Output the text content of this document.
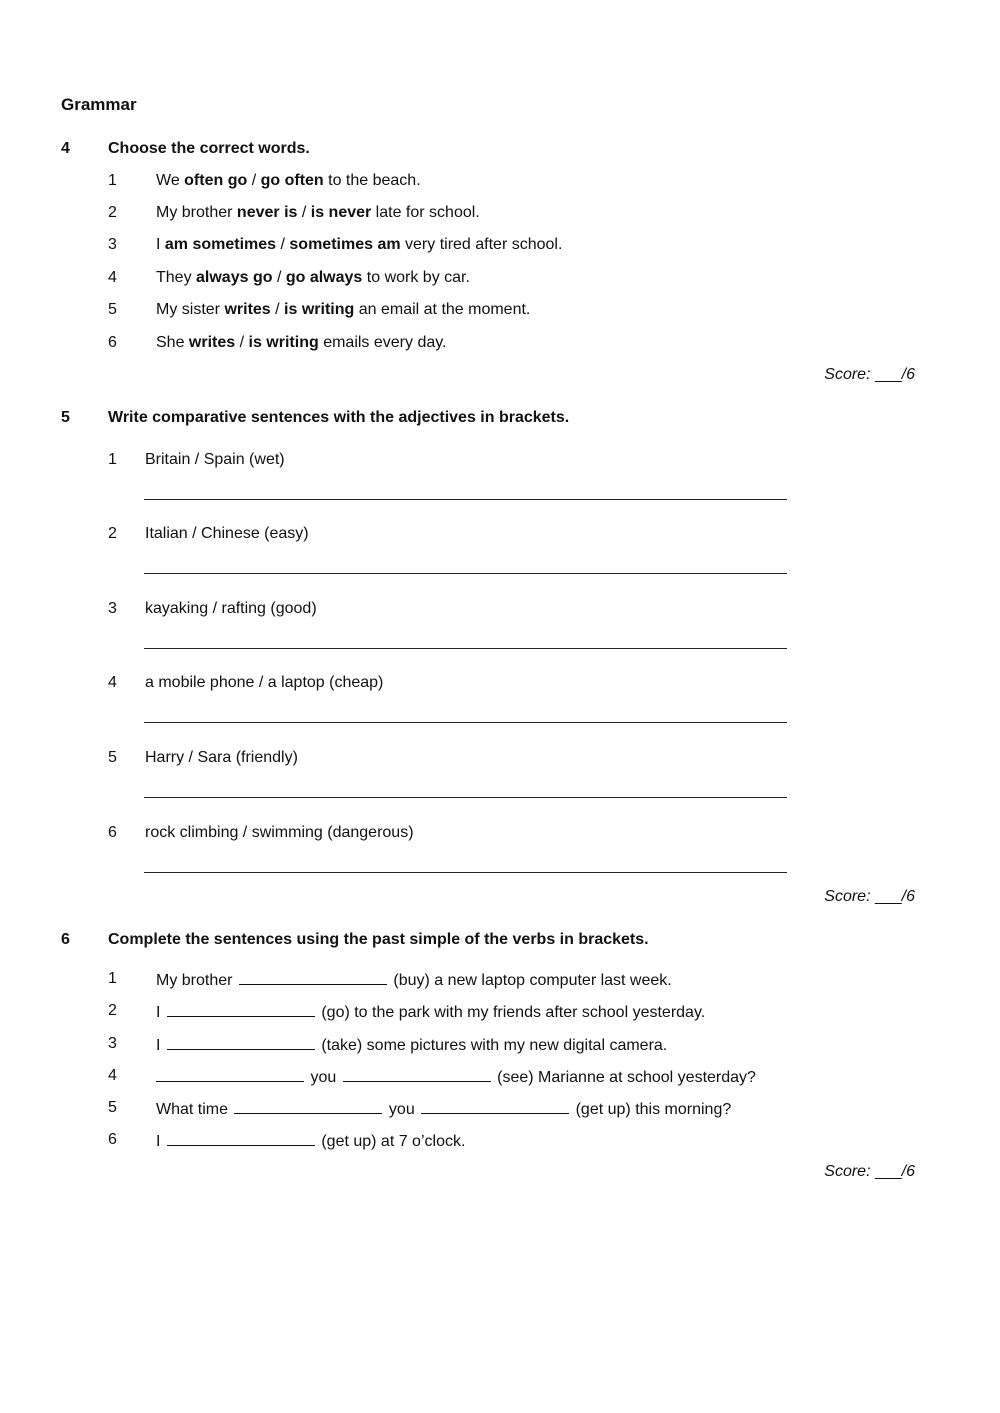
Grammar
4 Choose the correct words.
1 We often go / go often to the beach.
2 My brother never is / is never late for school.
3 I am sometimes / sometimes am very tired after school.
4 They always go / go always to work by car.
5 My sister writes / is writing an email at the moment.
6 She writes / is writing emails every day.
Score: ___/6
5 Write comparative sentences with the adjectives in brackets.
1 Britain / Spain (wet)
2 Italian / Chinese (easy)
3 kayaking / rafting (good)
4 a mobile phone / a laptop (cheap)
5 Harry / Sara (friendly)
6 rock climbing / swimming (dangerous)
Score: ___/6
6 Complete the sentences using the past simple of the verbs in brackets.
1 My brother	(buy) a new laptop computer last week.
2 I	(go) to the park with my friends after school yesterday.
3 I	(take) some pictures with my new digital camera.
4	you	(see) Marianne at school yesterday?
5 What time	you	(get up) this morning?
6 I	(get up) at 7 o’clock.
Score: ___/6
